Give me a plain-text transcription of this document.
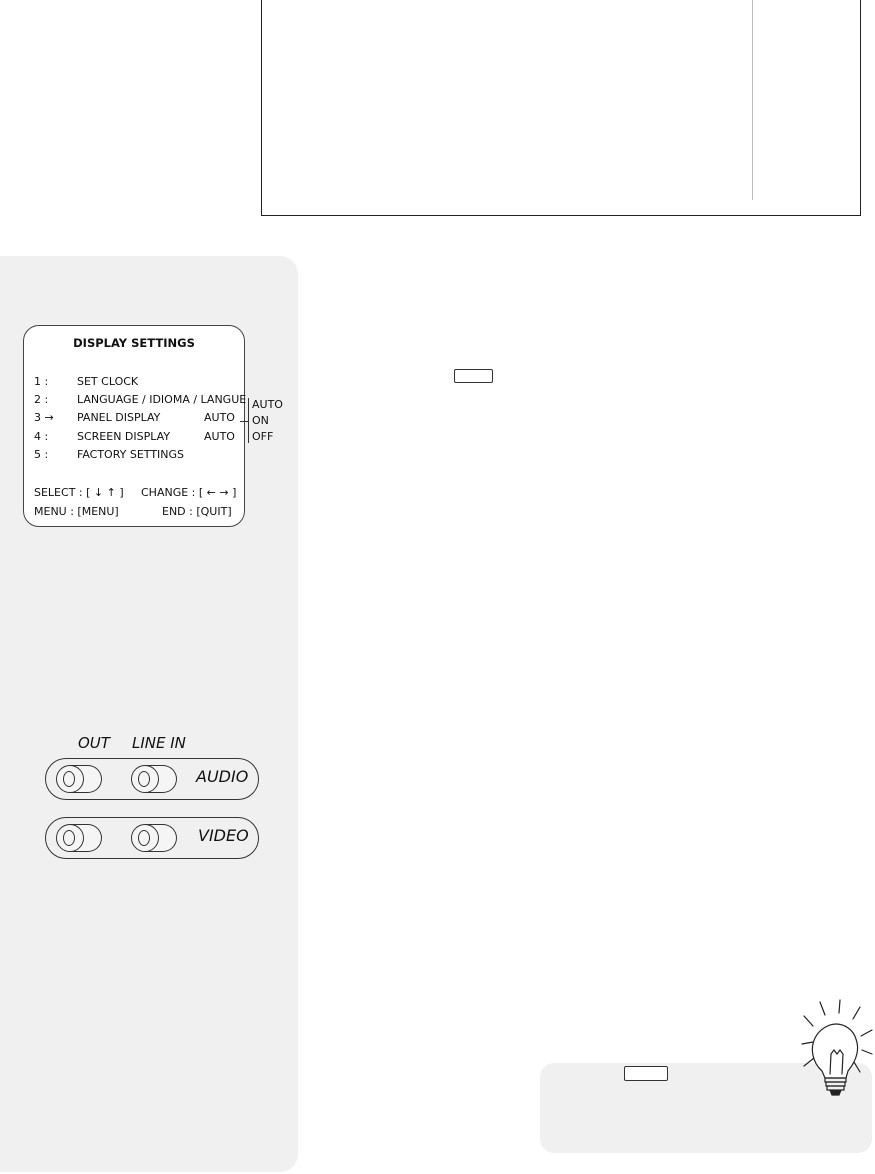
DISPLAY SETTINGS
1 :	SET CLOCK
2 :	LANGUAGE / IDIOMA / LANGUE
3 → PANEL DISPLAY	AUTO
4 :	SCREEN DISPLAY	AUTO
5 :	FACTORY SETTINGS
SELECT : [ ↓ ↑ ] CHANGE : [ ← → ]
MENU : [MENU]	END : [QUIT]
AUTO
ON
OFF
OUT LINE IN
AUDIO
VIDEO
